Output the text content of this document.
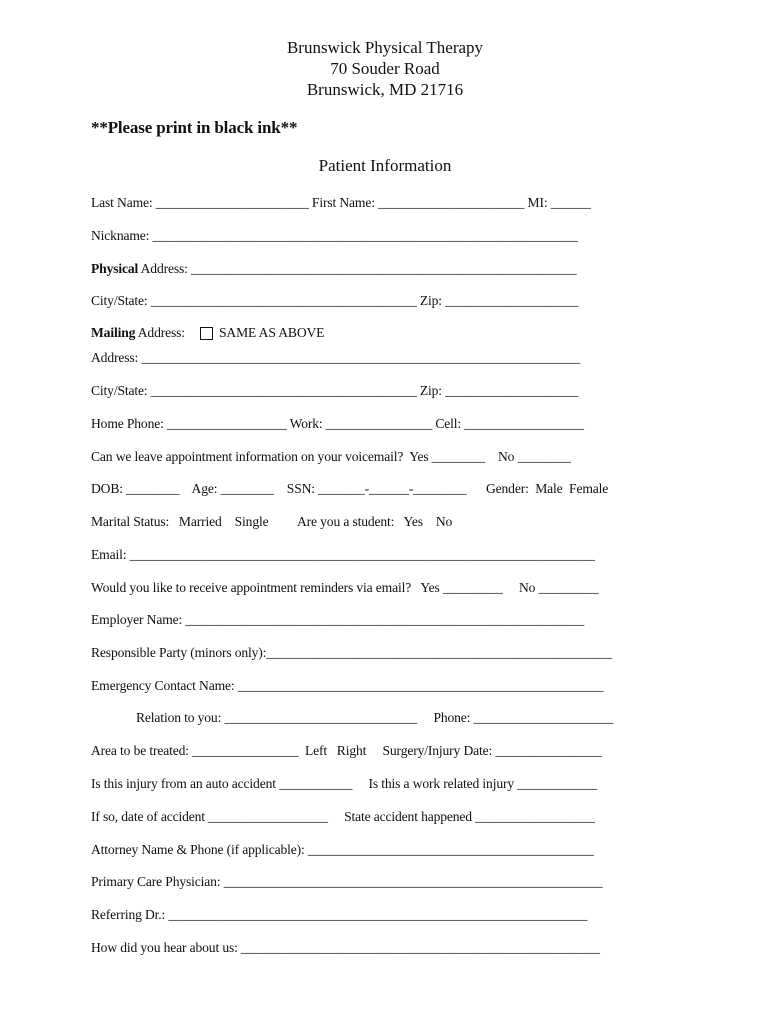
Brunswick Physical Therapy
70 Souder Road
Brunswick, MD 21716
**Please print in black ink**
Patient Information
Last Name: _______________________ First Name: ______________________ MI: ______
Nickname: ________________________________________________________________
Physical Address: __________________________________________________________
City/State: ________________________________________ Zip: ____________________
Mailing Address:	SAME AS ABOVE
Address: __________________________________________________________________
City/State: ________________________________________ Zip: ____________________
Home Phone: __________________ Work: ________________ Cell: __________________
Can we leave appointment information on your voicemail?  Yes ________    No ________
DOB: ________    Age: ________    SSN: _______-______-________      Gender:  Male  Female
Marital Status:   Married    Single         Are you a student:   Yes    No
Email: ______________________________________________________________________
Would you like to receive appointment reminders via email?   Yes _________     No _________
Employer Name: ____________________________________________________________
Responsible Party (minors only):____________________________________________________
Emergency Contact Name: _______________________________________________________
Relation to you: _____________________________     Phone: _____________________
Area to be treated: ________________  Left   Right     Surgery/Injury Date: ________________
Is this injury from an auto accident ___________     Is this a work related injury ____________
If so, date of accident __________________     State accident happened __________________
Attorney Name & Phone (if applicable): ___________________________________________
Primary Care Physician: _________________________________________________________
Referring Dr.: _______________________________________________________________
How did you hear about us: ______________________________________________________
